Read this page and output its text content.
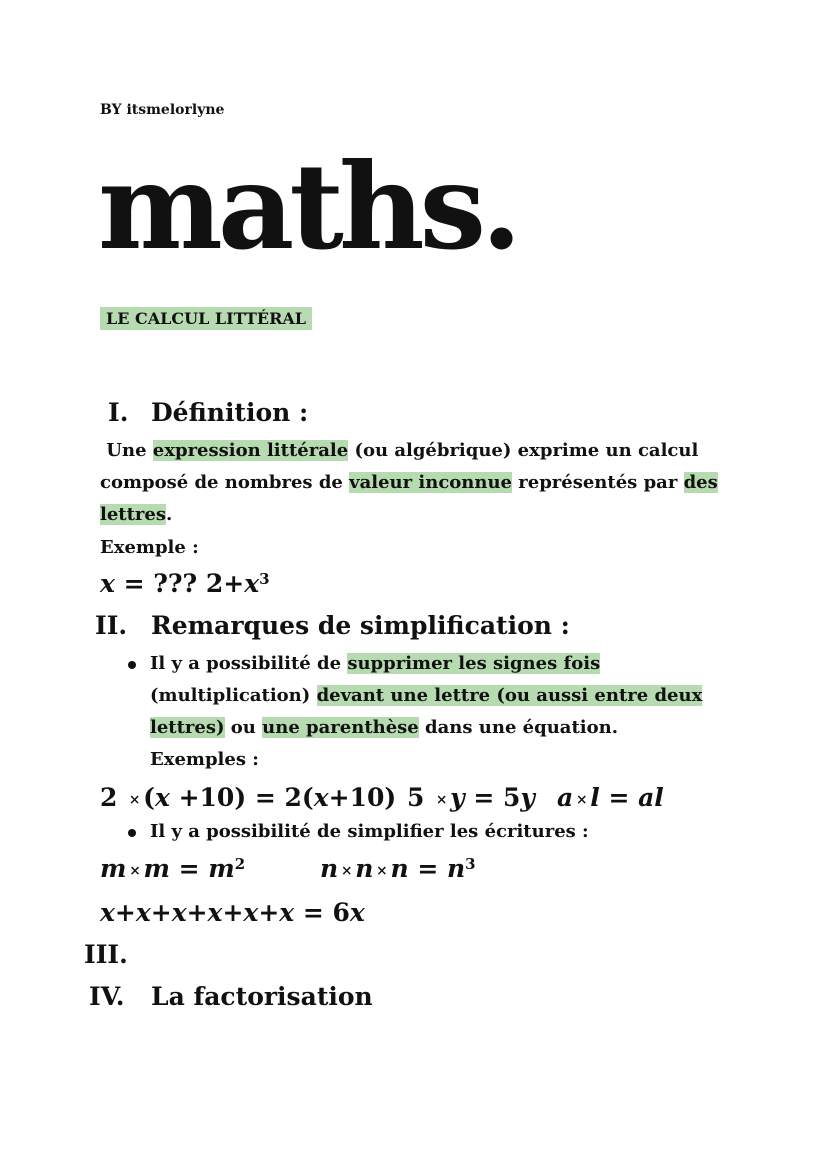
BY itsmelorlyne
maths.
LE CALCUL LITTÉRAL
I. Définition :
Une expression littérale (ou algébrique) exprime un calcul composé de nombres de valeur inconnue représentés par des lettres.
Exemple :
x = ??? $2+x^3$
II. Remarques de simplification :
Il y a possibilité de supprimer les signes fois (multiplication) devant une lettre (ou aussi entre deux lettres) ou une parenthèse dans une équation.
Exemples :
2 × (x +10) = 2(x+10) 5 × y = 5y a × l = al
Il y a possibilité de simplifier les écritures :
$m \times m = m^2$	$n \times n \times n = n^3$
x+x+x+x+x+x = 6x
III.
IV. La factorisation
